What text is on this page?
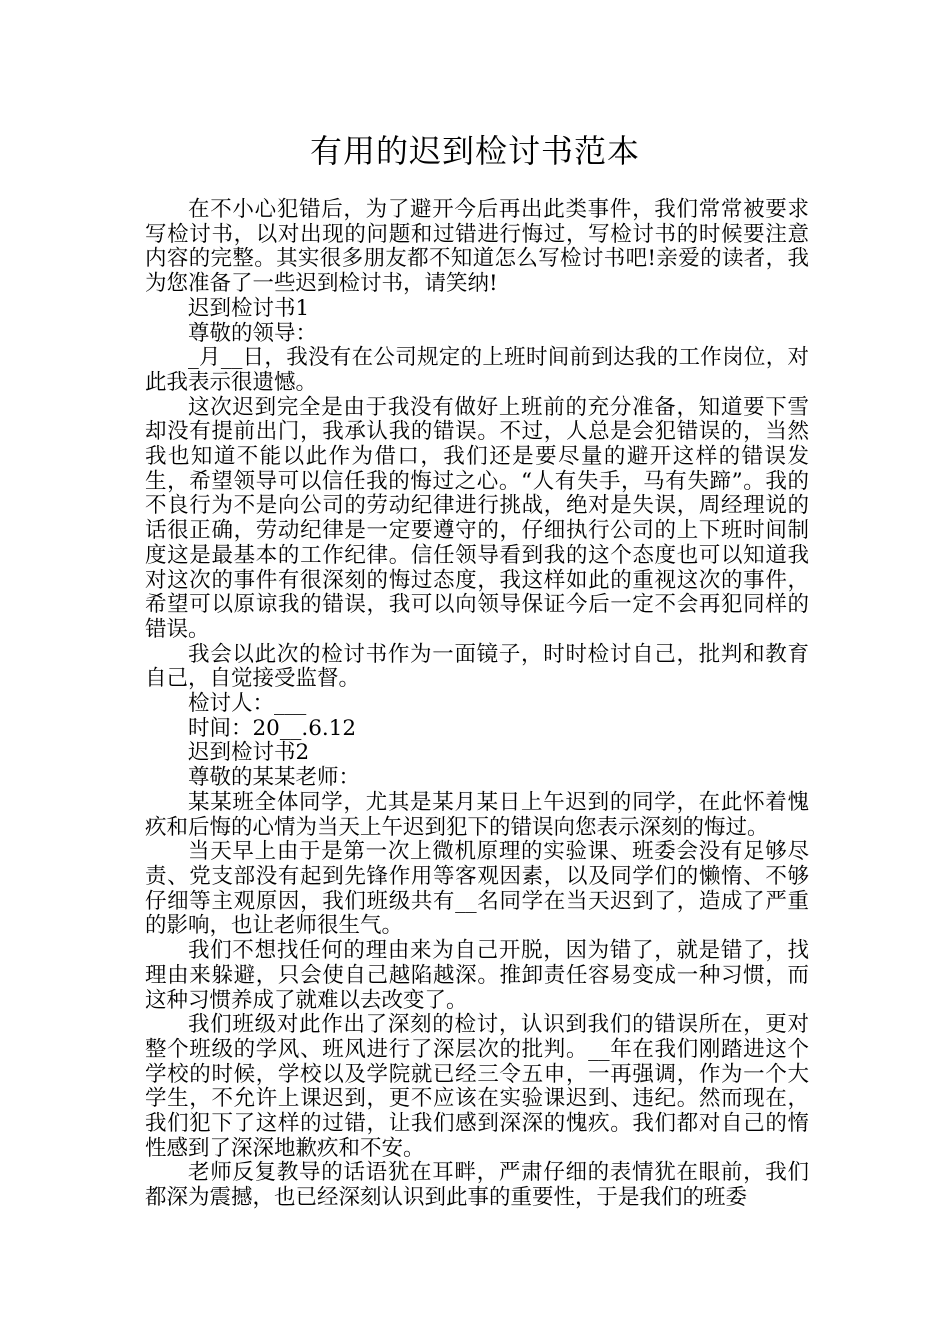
有用的迟到检讨书范本

在不小心犯错后，为了避开今后再出此类事件，我们常常被要求写检讨书，以对出现的问题和过错进行悔过，写检讨书的时候要注意内容的完整。其实很多朋友都不知道怎么写检讨书吧!亲爱的读者，我为您准备了一些迟到检讨书，请笑纳!

迟到检讨书1

尊敬的领导：

_月__日，我没有在公司规定的上班时间前到达我的工作岗位，对此我表示很遗憾。

这次迟到完全是由于我没有做好上班前的充分准备，知道要下雪却没有提前出门，我承认我的错误。不过，人总是会犯错误的，当然我也知道不能以此作为借口，我们还是要尽量的避开这样的错误发生，希望领导可以信任我的悔过之心。“人有失手，马有失蹄”。我的不良行为不是向公司的劳动纪律进行挑战，绝对是失误，周经理说的话很正确，劳动纪律是一定要遵守的，仔细执行公司的上下班时间制度这是最基本的工作纪律。信任领导看到我的这个态度也可以知道我对这次的事件有很深刻的悔过态度，我这样如此的重视这次的事件，希望可以原谅我的错误，我可以向领导保证今后一定不会再犯同样的错误。

我会以此次的检讨书作为一面镜子，时时检讨自己，批判和教育自己，自觉接受监督。

检讨人：___

时间：20__.6.12

迟到检讨书2

尊敬的某某老师：

某某班全体同学，尤其是某月某日上午迟到的同学，在此怀着愧疚和后悔的心情为当天上午迟到犯下的错误向您表示深刻的悔过。

当天早上由于是第一次上微机原理的实验课、班委会没有足够尽责、党支部没有起到先锋作用等客观因素，以及同学们的懒惰、不够仔细等主观原因，我们班级共有__名同学在当天迟到了，造成了严重的影响，也让老师很生气。

我们不想找任何的理由来为自己开脱，因为错了，就是错了，找理由来躲避，只会使自己越陷越深。推卸责任容易变成一种习惯，而这种习惯养成了就难以去改变了。

我们班级对此作出了深刻的检讨，认识到我们的错误所在，更对整个班级的学风、班风进行了深层次的批判。__年在我们刚踏进这个学校的时候，学校以及学院就已经三令五申，一再强调，作为一个大学生，不允许上课迟到，更不应该在实验课迟到、违纪。然而现在，我们犯下了这样的过错，让我们感到深深的愧疚。我们都对自己的惰性感到了深深地歉疚和不安。

老师反复教导的话语犹在耳畔，严肃仔细的表情犹在眼前，我们都深为震撼，也已经深刻认识到此事的重要性，于是我们的班委
